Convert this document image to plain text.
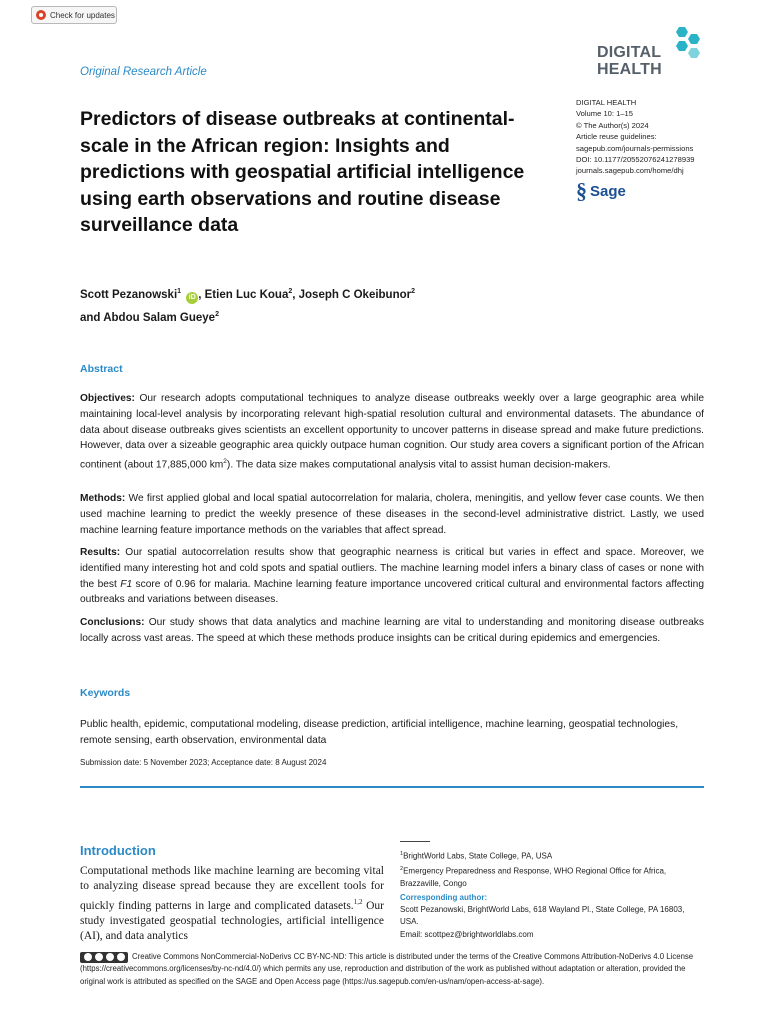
Check for updates
DIGITAL
HEALTH
Original Research Article
Predictors of disease outbreaks at continental-scale in the African region: Insights and predictions with geospatial artificial intelligence using earth observations and routine disease surveillance data
DIGITAL HEALTH
Volume 10: 1–15
© The Author(s) 2024
Article reuse guidelines:
sagepub.com/journals-permissions
DOI: 10.1177/20552076241278939
journals.sagepub.com/home/dhj
§ Sage
Scott Pezanowski$^1$ iD , Etien Luc Koua$^2$, Joseph C Okeibunor$^2$
and Abdou Salam Gueye$^2$
Abstract

Objectives: Our research adopts computational techniques to analyze disease outbreaks weekly over a large geographic area while maintaining local-level analysis by incorporating relevant high-spatial resolution cultural and environmental datasets. The abundance of data about disease outbreaks gives scientists an excellent opportunity to uncover patterns in disease spread and make future predictions. However, data over a sizeable geographic area quickly outpace human cognition. Our study area covers a significant portion of the African continent (about 17,885,000 $km^2$). The data size makes computational analysis vital to assist human decision-makers.

Methods: We first applied global and local spatial autocorrelation for malaria, cholera, meningitis, and yellow fever case counts. We then used machine learning to predict the weekly presence of these diseases in the second-level administrative district. Lastly, we used machine learning feature importance methods on the variables that affect spread.

Results: Our spatial autocorrelation results show that geographic nearness is critical but varies in effect and space. Moreover, we identified many interesting hot and cold spots and spatial outliers. The machine learning model infers a binary class of cases or none with the best F1 score of 0.96 for malaria. Machine learning feature importance uncovered critical cultural and environmental factors affecting outbreaks and variations between diseases.

Conclusions: Our study shows that data analytics and machine learning are vital to understanding and monitoring disease outbreaks locally across vast areas. The speed at which these methods produce insights can be critical during epidemics and emergencies.

Keywords

Public health, epidemic, computational modeling, disease prediction, artificial intelligence, machine learning, geospatial technologies, remote sensing, earth observation, environmental data

Submission date: 5 November 2023; Acceptance date: 8 August 2024
Introduction

Computational methods like machine learning are becoming vital to analyzing disease spread because they are excellent tools for quickly finding patterns in large and complicated datasets.$^{1,2}$ Our study investigated geospatial technologies, artificial intelligence (AI), and data analytics

$^1$BrightWorld Labs, State College, PA, USA
$^2$Emergency Preparedness and Response, WHO Regional Office for Africa, Brazzaville, Congo
Corresponding author:
Scott Pezanowski, BrightWorld Labs, 618 Wayland Pl., State College, PA 16803, USA.
Email: scottpez@brightworldlabs.com

Creative Commons NonCommercial-NoDerivs CC BY-NC-ND: This article is distributed under the terms of the Creative Commons Attribution-NoDerivs 4.0 License (https://creativecommons.org/licenses/by-nc-nd/4.0/) which permits any use, reproduction and distribution of the work as published without adaptation or alteration, provided the original work is attributed as specified on the SAGE and Open Access page (https://us.sagepub.com/en-us/nam/open-access-at-sage).
